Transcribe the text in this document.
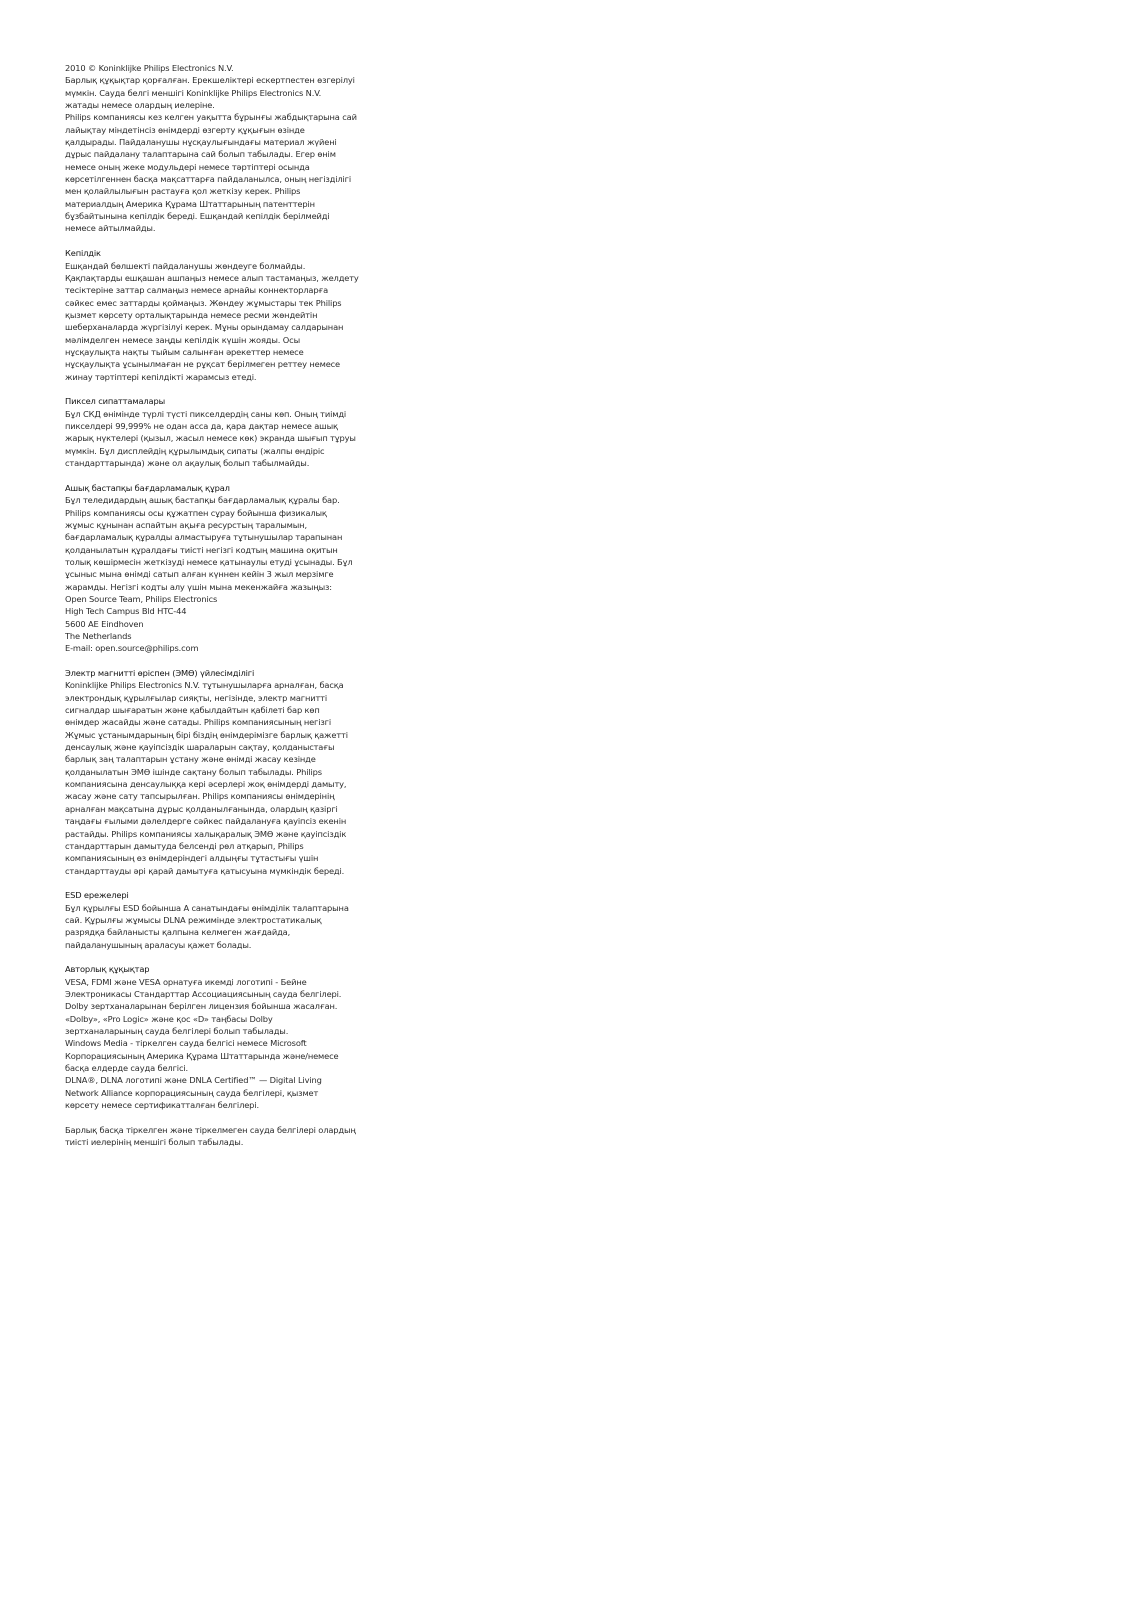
2010 © Koninklijke Philips Electronics N.V.
Барлық құқықтар қорғалған. Ерекшеліктері ескертпестен өзгерілуі
мүмкін. Сауда белгі меншігі Koninklijke Philips Electronics N.V.
жатады немесе олардың иелеріне.
Philips компаниясы кез келген уақытта бұрынғы жабдықтарына сай
лайықтау міндетінсіз өнімдерді өзгерту құқығын өзінде
қалдырады. Пайдаланушы нұсқаулығындағы материал жүйені
дұрыс пайдалану талаптарына сай болып табылады. Егер өнім
немесе оның жеке модульдері немесе тәртіптері осында
көрсетілгеннен басқа мақсаттарға пайдаланылса, оның негізділігі
мен қолайлылығын растауға қол жеткізу керек. Philips
материалдың Америка Құрама Штаттарының патенттерін
бұзбайтынына кепілдік береді. Ешқандай кепілдік берілмейді
немесе айтылмайды.
Кепілдік
Ешқандай бөлшекті пайдаланушы жөндеуге болмайды.
Қақпақтарды ешқашан ашпаңыз немесе алып тастамаңыз, желдету
тесіктеріне заттар салмаңыз немесе арнайы коннекторларға
сәйкес емес заттарды қоймаңыз. Жөндеу жұмыстары тек Philips
қызмет көрсету орталықтарында немесе ресми жөндейтін
шеберханаларда жүргізілуі керек. Мұны орындамау салдарынан
мәлімделген немесе заңды кепілдік күшін жояды. Осы
нұсқаулықта нақты тыйым салынған әрекеттер немесе
нұсқаулықта ұсынылмаған не рұқсат берілмеген реттеу немесе
жинау тәртіптері кепілдікті жарамсыз етеді.
Пиксел сипаттамалары
Бұл СКД өнімінде түрлі түсті пикселдердің саны көп. Оның тиімді
пикселдері 99,999% не одан асса да, қара дақтар немесе ашық
жарық нүктелері (қызыл, жасыл немесе көк) экранда шығып тұруы
мүмкін. Бұл дисплейдің құрылымдық сипаты (жалпы өндіріс
стандарттарында) және ол ақаулық болып табылмайды.
Ашық бастапқы бағдарламалық құрал
Бұл теледидардың ашық бастапқы бағдарламалық құралы бар.
Philips компаниясы осы құжатпен сұрау бойынша физикалық
жұмыс құнынан аспайтын ақыға ресурстың таралымын,
бағдарламалық құралды алмастыруға тұтынушылар тарапынан
қолданылатын құралдағы тиісті негізгі кодтың машина оқитын
толық көшірмесін жеткізуді немесе қатынаулы етуді ұсынады. Бұл
ұсыныс мына өнімді сатып алған күннен кейін 3 жыл мерзімге
жарамды. Негізгі кодты алу үшін мына мекенжайға жазыңыз:
Open Source Team, Philips Electronics
High Tech Campus Bld HTC-44
5600 AE Eindhoven
The Netherlands
E-mail: open.source@philips.com
Электр магнитті өріспен (ЭМӨ) үйлесімділігі
Koninklijke Philips Electronics N.V. тұтынушыларға арналған, басқа
электрондық құрылғылар сияқты, негізінде, электр магнитті
сигналдар шығаратын және қабылдайтын қабілеті бар көп
өнімдер жасайды және сатады. Philips компаниясының негізгі
Жұмыс ұстанымдарының бірі біздің өнімдерімізге барлық қажетті
денсаулық және қауіпсіздік шараларын сақтау, қолданыстағы
барлық заң талаптарын ұстану және өнімді жасау кезінде
қолданылатын ЭМӨ ішінде сақтану болып табылады. Philips
компаниясына денсаулыққа кері әсерлері жоқ өнімдерді дамыту,
жасау және сату тапсырылған. Philips компаниясы өнімдерінің
арналған мақсатына дұрыс қолданылғанында, олардың қазіргі
таңдағы ғылыми дәлелдерге сәйкес пайдалануға қауіпсіз екенін
растайды. Philips компаниясы халықаралық ЭМӨ және қауіпсіздік
стандарттарын дамытуда белсенді рөл атқарып, Philips
компаниясының өз өнімдеріндегі алдыңғы тұтастығы үшін
стандарттауды әрі қарай дамытуға қатысуына мүмкіндік береді.
ESD ережелері
Бұл құрылғы ESD бойынша A санатындағы өнімділік талаптарына
сай. Құрылғы жұмысы DLNA режимінде электростатикалық
разрядқа байланысты қалпына келмеген жағдайда,
пайдаланушының араласуы қажет болады.
Авторлық құқықтар
VESA, FDMI және VESA орнатуға икемді логотипі - Бейне
Электроникасы Стандарттар Ассоциациясының сауда белгілері.
Dolby зертханаларынан берілген лицензия бойынша жасалған.
«Dolby», «Pro Logic» және қос «D» таңбасы Dolby
зертханаларының сауда белгілері болып табылады.
Windows Media - тіркелген сауда белгісі немесе Microsoft
Корпорациясының Америка Құрама Штаттарында және/немесе
басқа елдерде сауда белгісі.
DLNA®, DLNA логотипі және DNLA Certified™ — Digital Living
Network Alliance корпорациясының сауда белгілері, қызмет
көрсету немесе сертификатталған белгілері.
Барлық басқа тіркелген және тіркелмеген сауда белгілері олардың
тиісті иелерінің меншігі болып табылады.
